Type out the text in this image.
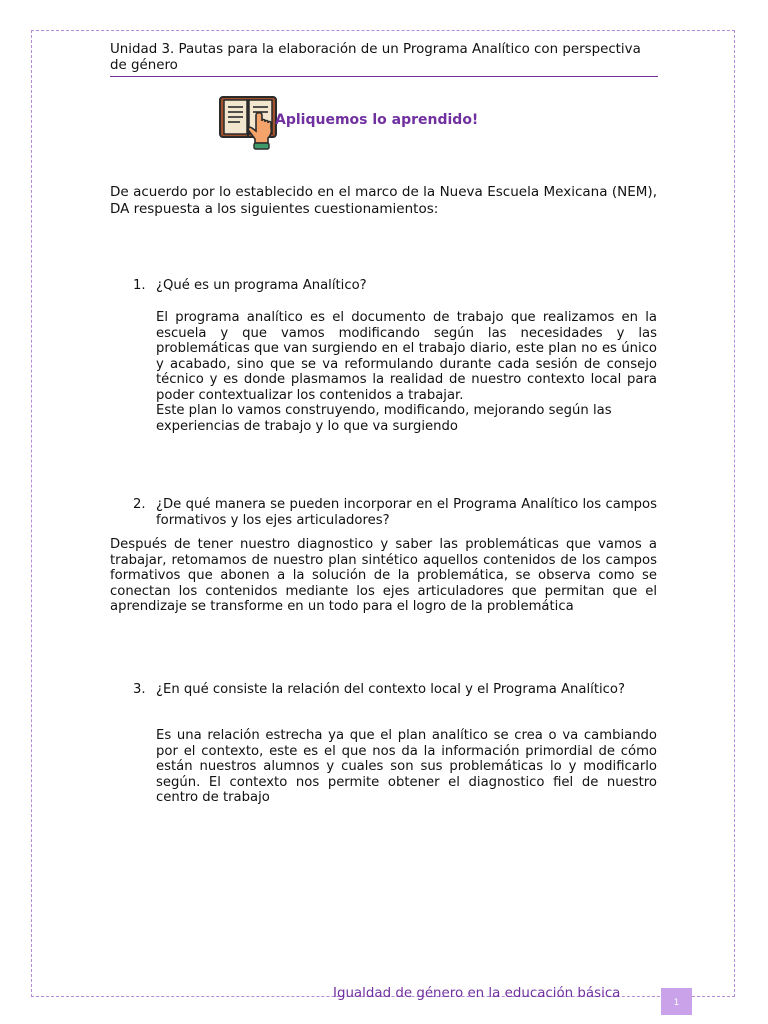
Unidad 3. Pautas para la elaboración de un Programa Analítico con perspectiva de género
Apliquemos lo aprendido!
De acuerdo por lo establecido en el marco de la Nueva Escuela Mexicana (NEM), DA respuesta a los siguientes cuestionamientos:
1. ¿Qué es un programa Analítico?
El programa analítico es el documento de trabajo que realizamos en la escuela y que vamos modificando según las necesidades y las problemáticas que van surgiendo en el trabajo diario, este plan no es único y acabado, sino que se va reformulando durante cada sesión de consejo técnico y es donde plasmamos la realidad de nuestro contexto local para poder contextualizar los contenidos a trabajar.
Este plan lo vamos construyendo, modificando, mejorando según las experiencias de trabajo y lo que va surgiendo
2. ¿De qué manera se pueden incorporar en el Programa Analítico los campos formativos y los ejes articuladores?
Después de tener nuestro diagnostico y saber las problemáticas que vamos a trabajar, retomamos de nuestro plan sintético aquellos contenidos de los campos formativos que abonen a la solución de la problemática, se observa como se conectan los contenidos mediante los ejes articuladores que permitan que el aprendizaje se transforme en un todo para el logro de la problemática
3. ¿En qué consiste la relación del contexto local y el Programa Analítico?
Es una relación estrecha ya que el plan analítico se crea o va cambiando por el contexto, este es el que nos da la información primordial de cómo están nuestros alumnos y cuales son sus problemáticas lo y modificarlo según. El contexto nos permite obtener el diagnostico fiel de nuestro centro de trabajo
Igualdad de género en la educación básica
1
